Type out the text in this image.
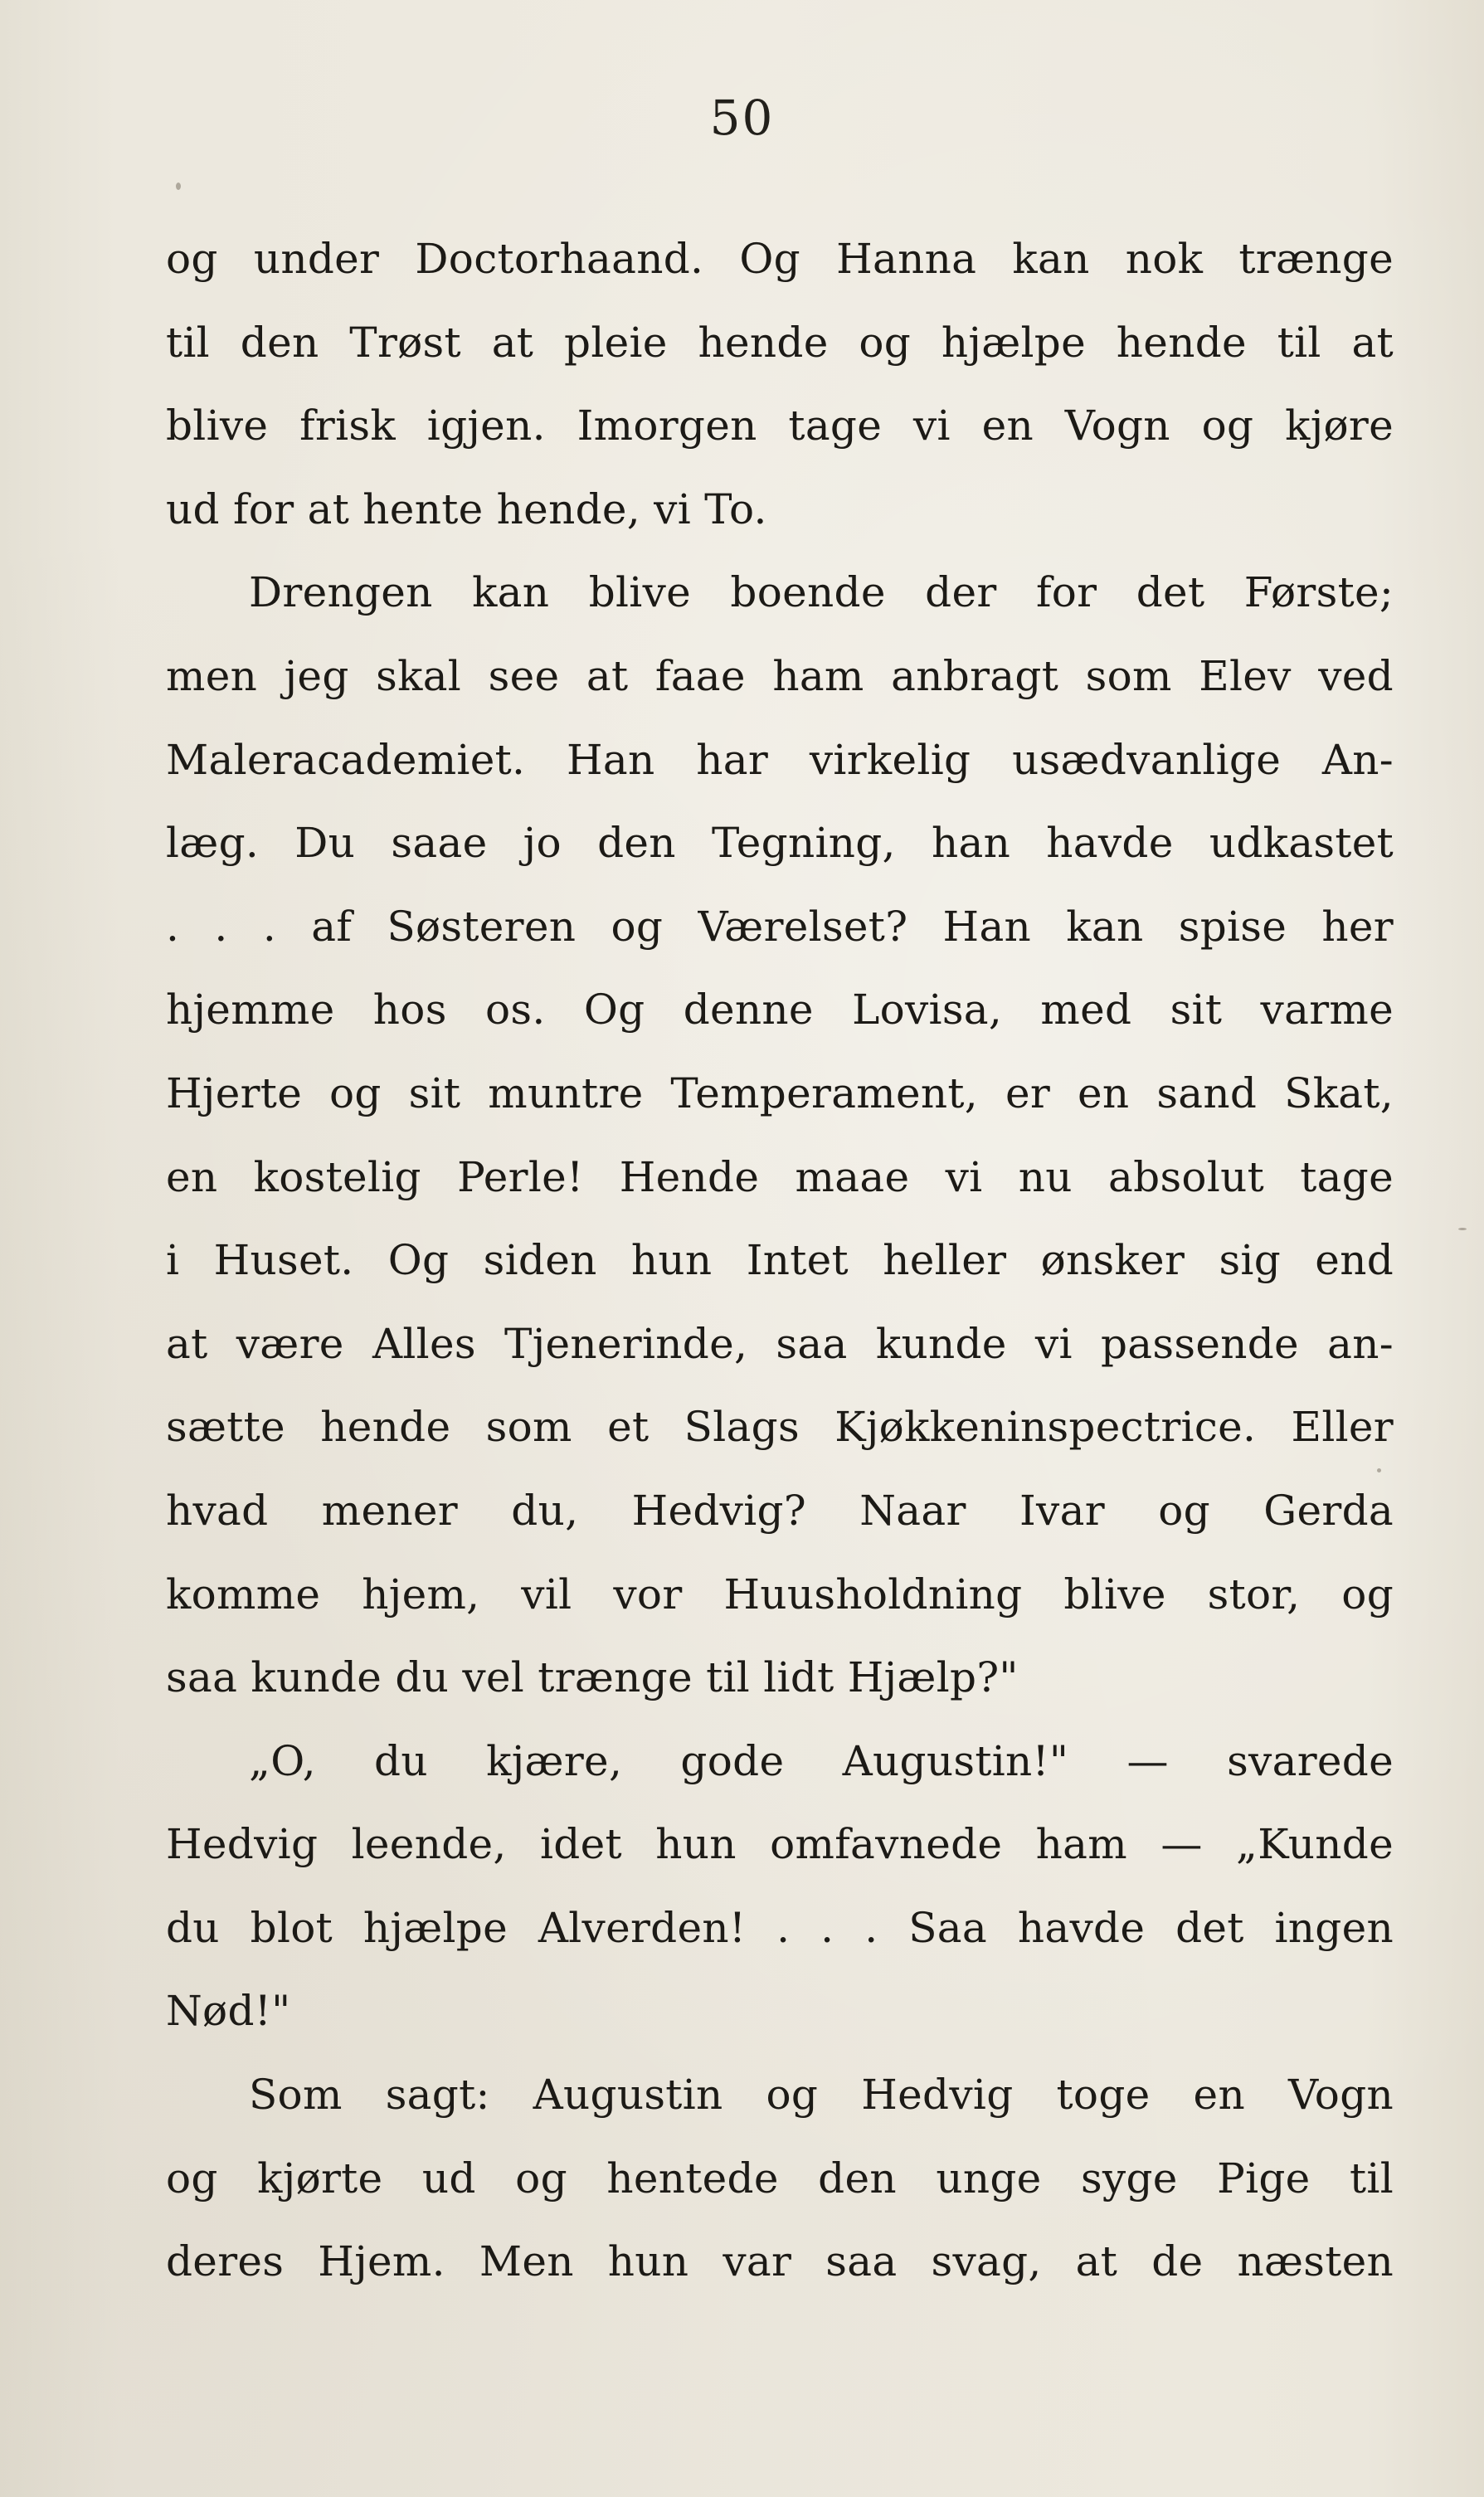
50
og under Doctorhaand. Og Hanna kan nok trænge
til den Trøst at pleie hende og hjælpe hende til at
blive frisk igjen. Imorgen tage vi en Vogn og kjøre
ud for at hente hende, vi To.
Drengen kan blive boende der for det Første;
men jeg skal see at faae ham anbragt som Elev ved
Maleracademiet. Han har virkelig usædvanlige An-
læg. Du saae jo den Tegning, han havde udkastet
. . . af Søsteren og Værelset? Han kan spise her
hjemme hos os. Og denne Lovisa, med sit varme
Hjerte og sit muntre Temperament, er en sand Skat,
en kostelig Perle! Hende maae vi nu absolut tage
i Huset. Og siden hun Intet heller ønsker sig end
at være Alles Tjenerinde, saa kunde vi passende an-
sætte hende som et Slags Kjøkkeninspectrice. Eller
hvad mener du, Hedvig? Naar Ivar og Gerda
komme hjem, vil vor Huusholdning blive stor, og
saa kunde du vel trænge til lidt Hjælp?"
„O, du kjære, gode Augustin!" — svarede
Hedvig leende, idet hun omfavnede ham — „Kunde
du blot hjælpe Alverden! . . . Saa havde det ingen
Nød!"
Som sagt: Augustin og Hedvig toge en Vogn
og kjørte ud og hentede den unge syge Pige til
deres Hjem. Men hun var saa svag, at de næsten
